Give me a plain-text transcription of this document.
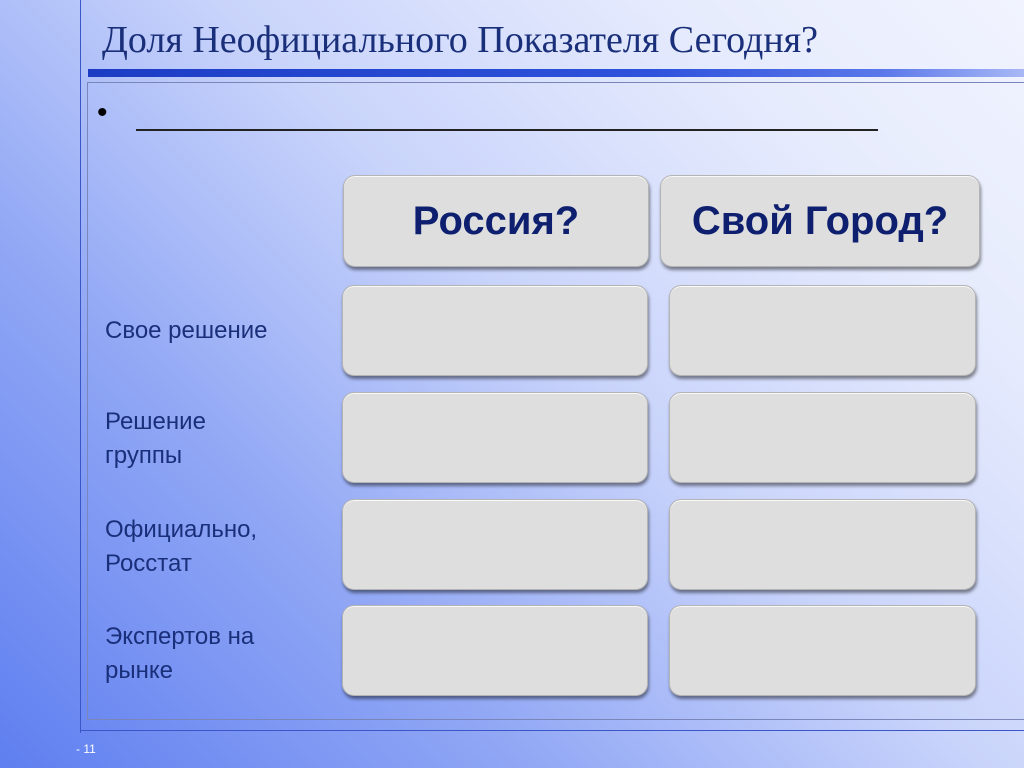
Доля Неофициального Показателя Сегодня?
•
Россия?	Свой Город?
Свое решение
Решение группы
Официально, Росстат
Экспертов на рынке
- 11
